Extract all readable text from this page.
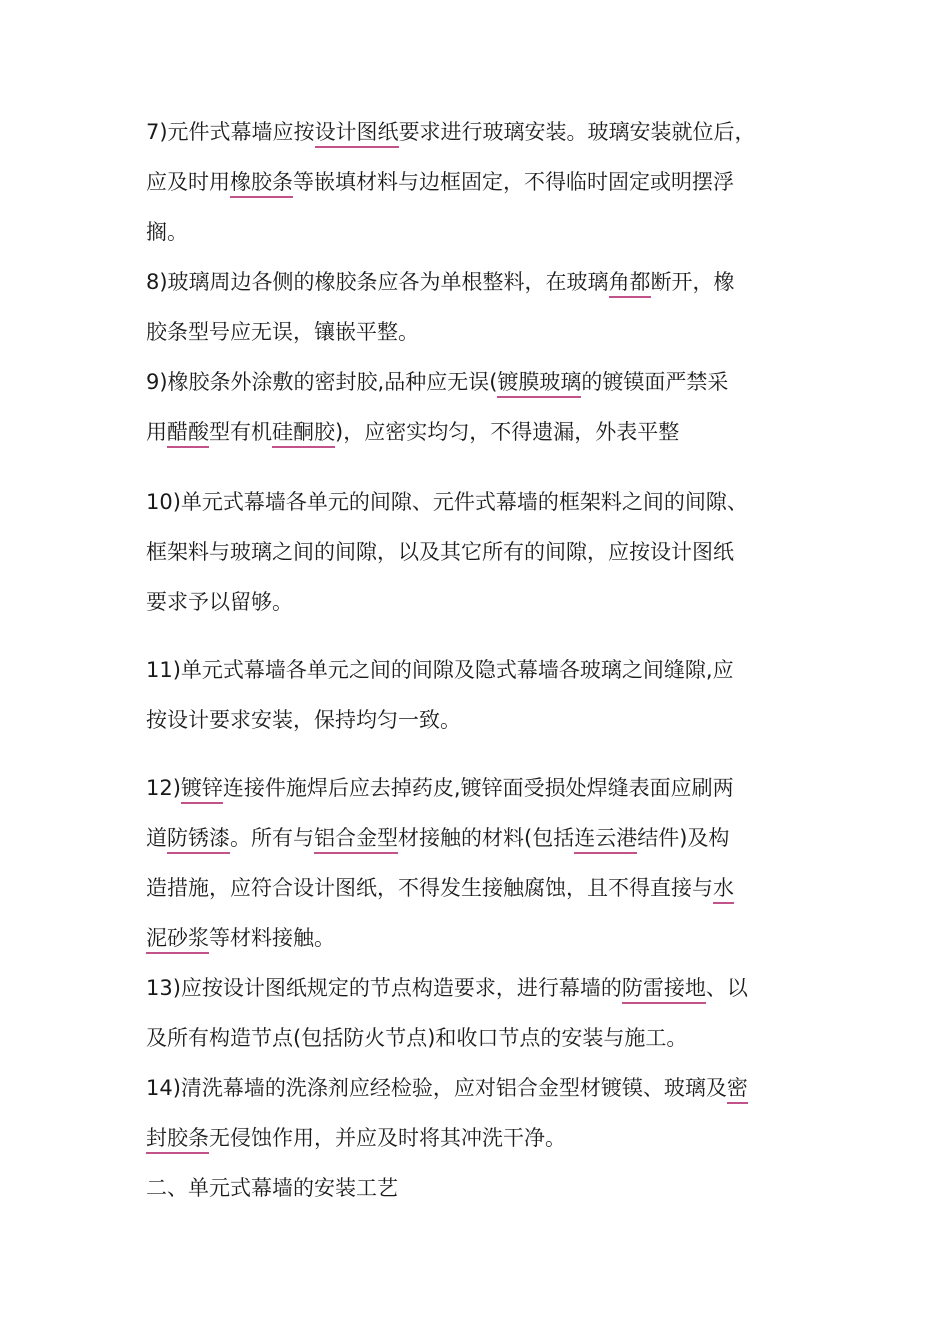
7)元件式幕墙应按设计图纸要求进行玻璃安装。玻璃安装就位后，
应及时用橡胶条等嵌填材料与边框固定，不得临时固定或明摆浮
搁。
8)玻璃周边各侧的橡胶条应各为单根整料，在玻璃角都断开，橡
胶条型号应无误，镶嵌平整。
9)橡胶条外涂敷的密封胶,品种应无误(镀膜玻璃的镀镆面严禁采
用醋酸型有机硅酮胶)，应密实均匀，不得遗漏，外表平整
10)单元式幕墙各单元的间隙、元件式幕墙的框架料之间的间隙、
框架料与玻璃之间的间隙，以及其它所有的间隙，应按设计图纸
要求予以留够。
11)单元式幕墙各单元之间的间隙及隐式幕墙各玻璃之间缝隙,应
按设计要求安装，保持均匀一致。
12)镀锌连接件施焊后应去掉药皮,镀锌面受损处焊缝表面应刷两
道防锈漆。所有与铝合金型材接触的材料(包括连云港结件)及构
造措施，应符合设计图纸，不得发生接触腐蚀，且不得直接与水
泥砂浆等材料接触。
13)应按设计图纸规定的节点构造要求，进行幕墙的防雷接地、以
及所有构造节点(包括防火节点)和收口节点的安装与施工。
14)清洗幕墙的洗涤剂应经检验，应对铝合金型材镀镆、玻璃及密
封胶条无侵蚀作用，并应及时将其冲洗干净。
二、单元式幕墙的安装工艺
